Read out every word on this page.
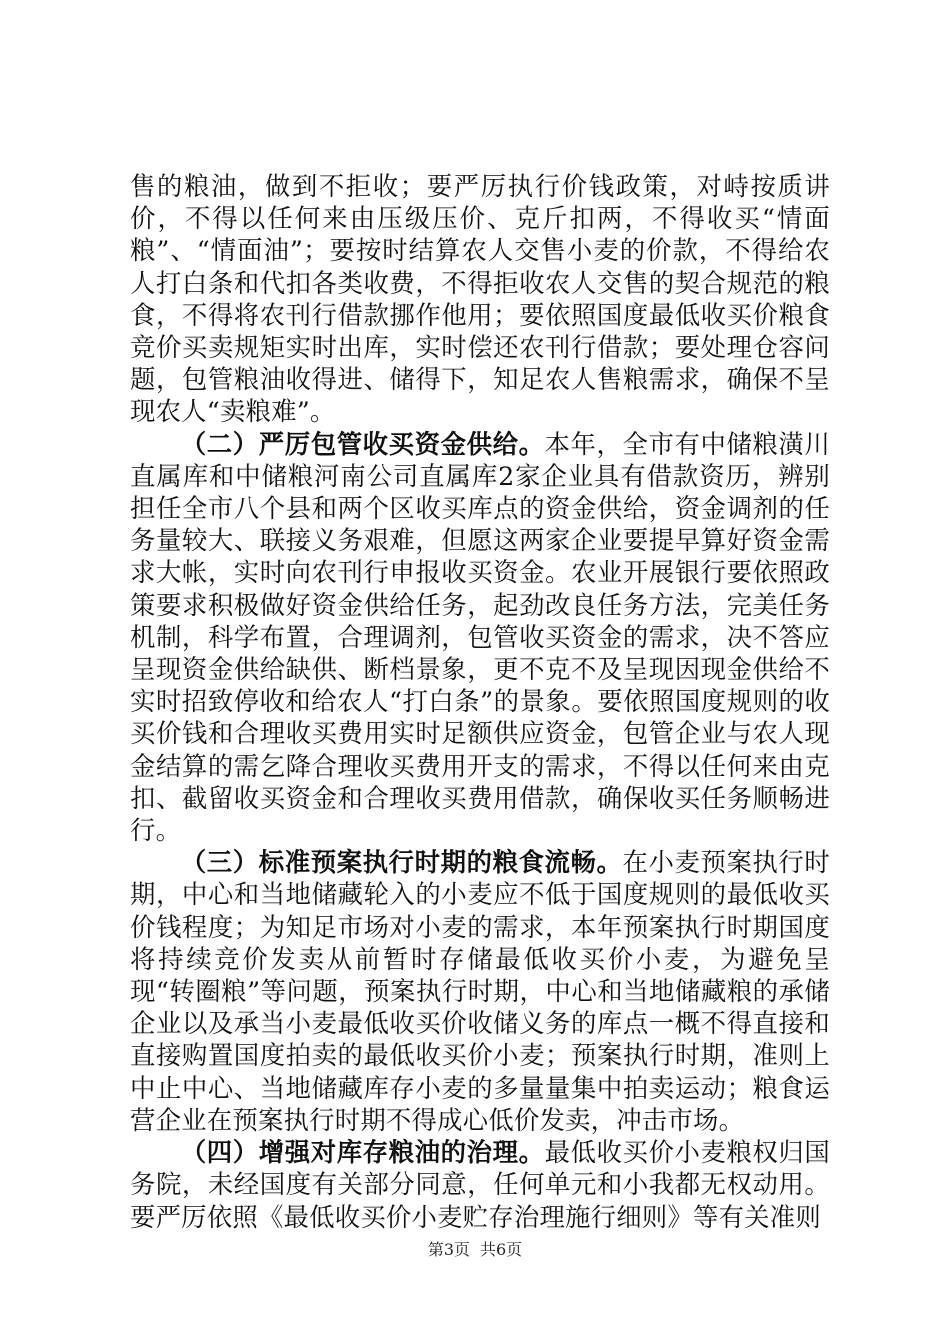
售的粮油，做到不拒收；要严厉执行价钱政策，对峙按质讲价，不得以任何来由压级压价、克斤扣两，不得收买“情面粮”、“情面油”；要按时结算农人交售小麦的价款，不得给农人打白条和代扣各类收费，不得拒收农人交售的契合规范的粮食，不得将农刊行借款挪作他用；要依照国度最低收买价粮食竞价买卖规矩实时出库，实时偿还农刊行借款；要处理仓容问题，包管粮油收得进、储得下，知足农人售粮需求，确保不呈现农人“卖粮难”。

（二）严厉包管收买资金供给。本年，全市有中储粮潢川直属库和中储粮河南公司直属库2家企业具有借款资历，辨别担任全市八个县和两个区收买库点的资金供给，资金调剂的任务量较大、联接义务艰难，但愿这两家企业要提早算好资金需求大帐，实时向农刊行申报收买资金。农业开展银行要依照政策要求积极做好资金供给任务，起劲改良任务方法，完美任务机制，科学布置，合理调剂，包管收买资金的需求，决不答应呈现资金供给缺供、断档景象，更不克不及呈现因现金供给不实时招致停收和给农人“打白条”的景象。要依照国度规则的收买价钱和合理收买费用实时足额供应资金，包管企业与农人现金结算的需乞降合理收买费用开支的需求，不得以任何来由克扣、截留收买资金和合理收买费用借款，确保收买任务顺畅进行。

（三）标准预案执行时期的粮食流畅。在小麦预案执行时期，中心和当地储藏轮入的小麦应不低于国度规则的最低收买价钱程度；为知足市场对小麦的需求，本年预案执行时期国度将持续竞价发卖从前暂时存储最低收买价小麦，为避免呈现“转圈粮”等问题，预案执行时期，中心和当地储藏粮的承储企业以及承当小麦最低收买价收储义务的库点一概不得直接和直接购置国度拍卖的最低收买价小麦；预案执行时期，准则上中止中心、当地储藏库存小麦的多量量集中拍卖运动；粮食运营企业在预案执行时期不得成心低价发卖，冲击市场。

（四）增强对库存粮油的治理。最低收买价小麦粮权归国务院，未经国度有关部分同意，任何单元和小我都无权动用。要严厉依照《最低收买价小麦贮存治理施行细则》等有关准则

第3页 共6页
